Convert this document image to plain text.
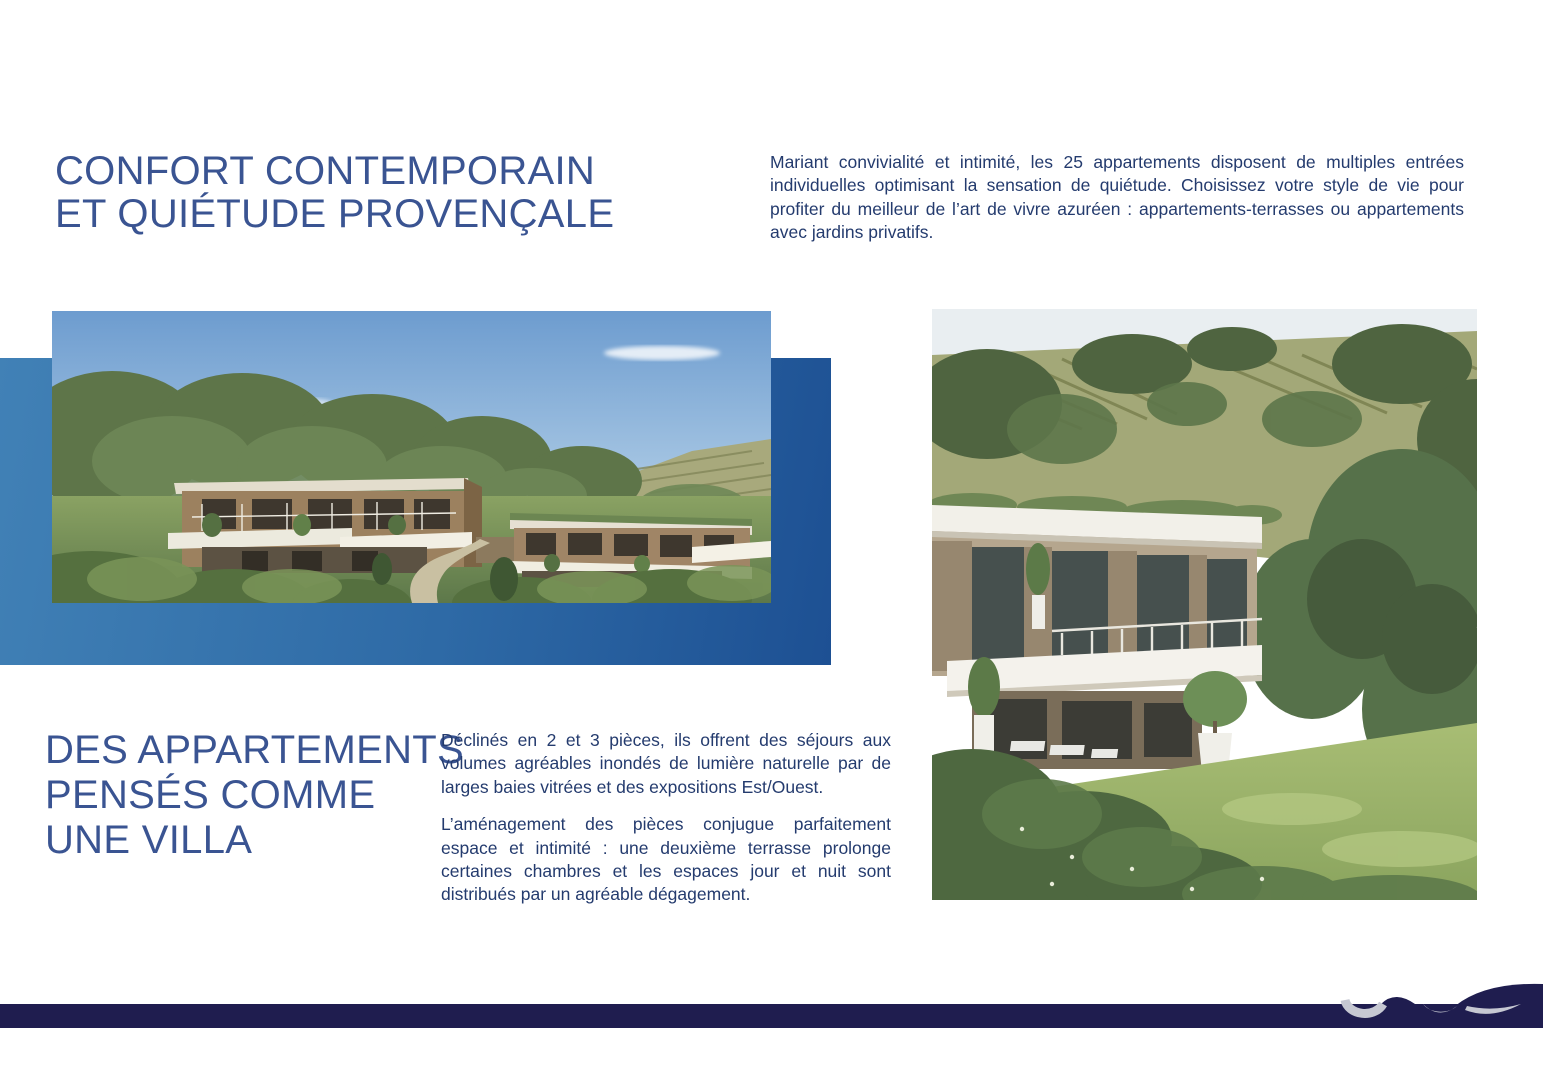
CONFORT CONTEMPORAIN
ET QUIÉTUDE PROVENÇALE

Mariant convivialité et intimité, les 25 appartements disposent de multiples entrées individuelles optimisant la sensation de quiétude. Choisissez votre style de vie pour profiter du meilleur de l’art de vivre azuréen : appartements-terrasses ou appartements avec jardins privatifs.

DES APPARTEMENTS
PENSÉS COMME
UNE VILLA

Déclinés en 2 et 3 pièces, ils offrent des séjours aux volumes agréables inondés de lumière naturelle par de larges baies vitrées et des expositions Est/Ouest.

L’aménagement des pièces conjugue parfaitement espace et intimité : une deuxième terrasse prolonge certaines chambres et les espaces jour et nuit sont distribués par un agréable dégagement.
